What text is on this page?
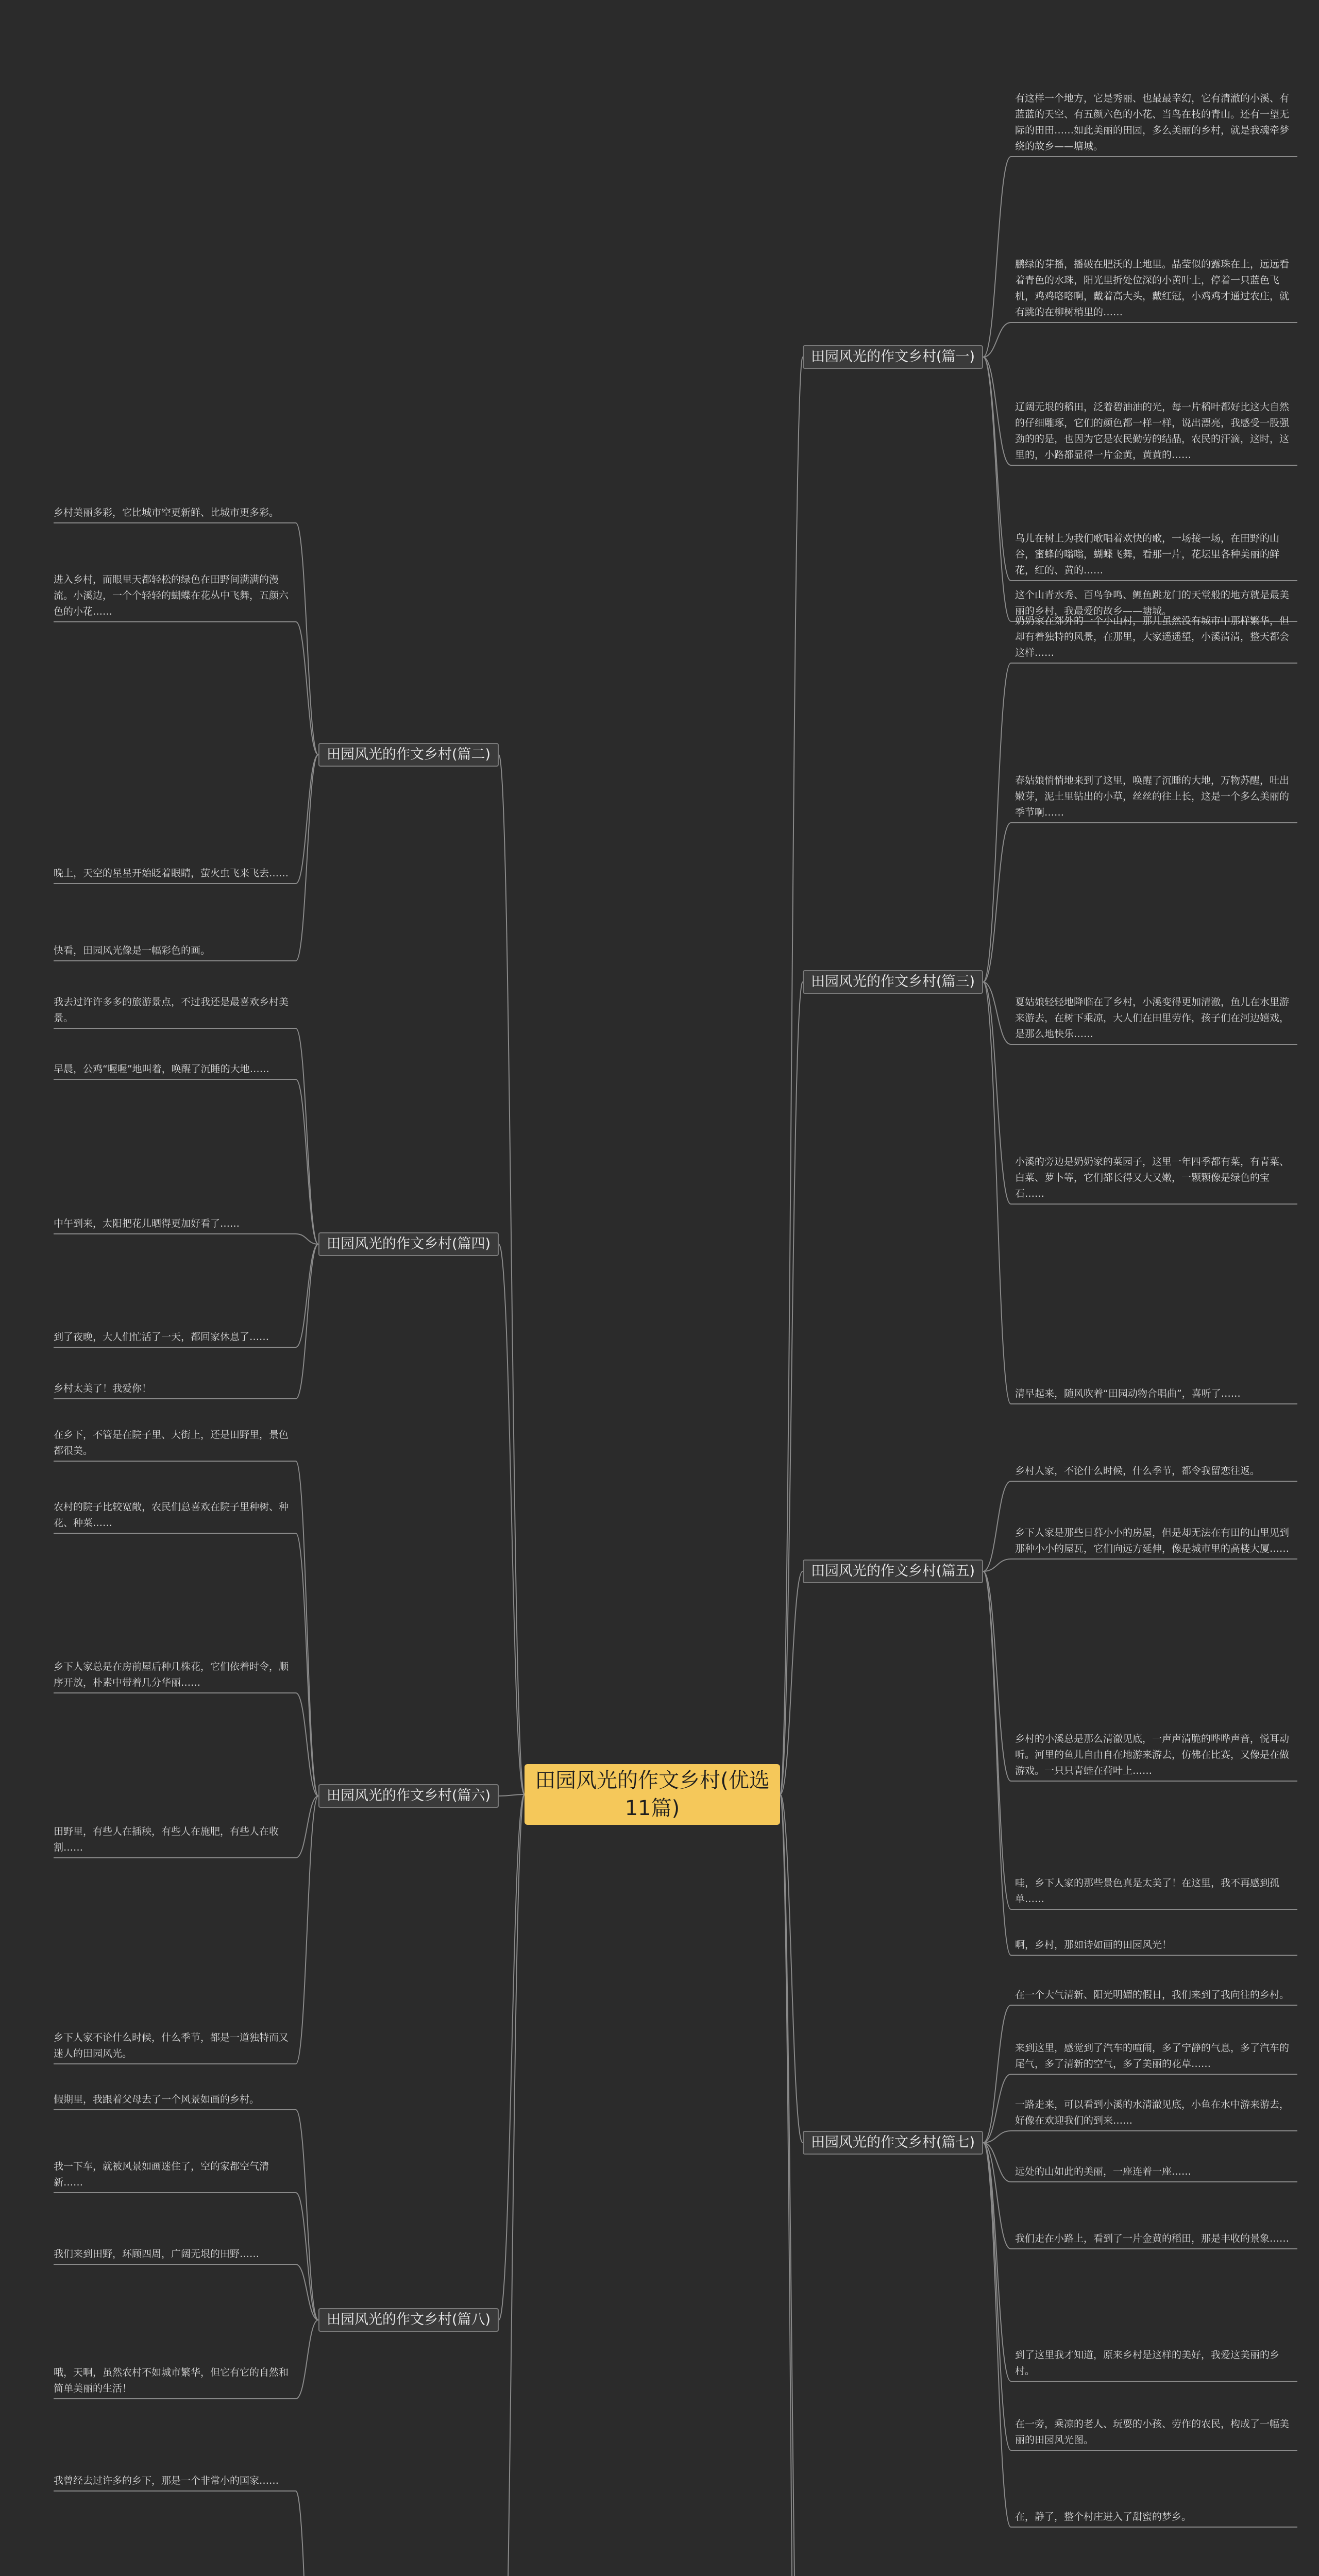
田园风光的作文乡村(优选11篇)
田园风光的作文乡村(篇一)

有这样一个地方，它是秀丽、也最最幸幻，它有清澈的小溪、有蓝蓝的天空、有五颜六色的小花、当鸟在枝的青山。还有一望无际的田田……如此美丽的田园，多么美丽的乡村，就是我魂牵梦绕的故乡——塘城。

鹏绿的芽播，播破在肥沃的土地里。晶莹似的露珠在上，远远看着青色的水珠，阳光里折处位深的小黄叶上，停着一只蓝色飞机，鸡鸡咯咯啊，戴着高大头，戴红冠，小鸡鸡才通过农庄，就有跳的在柳树梢里的……

辽阔无垠的稻田，泛着碧油油的光，每一片稻叶都好比这大自然的仔细雕琢，它们的颜色都一样一样，说出漂亮，我感受一股强劲的的是，也因为它是农民勤劳的结晶，农民的汗滴，这时，这里的，小路都显得一片金黄，黄黄的……

乌儿在树上为我们歌唱着欢快的歌，一场接一场，在田野的山谷，蜜蜂的嗡嗡，蝴蝶飞舞，看那一片，花坛里各种美丽的鲜花，红的、黄的……

这个山青水秀、百鸟争鸣、鲤鱼跳龙门的天堂般的地方就是最美丽的乡村，我最爱的故乡——塘城。

田园风光的作文乡村(篇三)

奶奶家在郊外的一个小山村，那儿虽然没有城市中那样繁华，但却有着独特的风景，在那里，大家遥遥望，小溪清清，整天都会这样……

春姑娘悄悄地来到了这里，唤醒了沉睡的大地，万物苏醒，吐出嫩芽，泥土里钻出的小草，丝丝的往上长，这是一个多么美丽的季节啊……

夏姑娘轻轻地降临在了乡村，小溪变得更加清澈，鱼儿在水里游来游去，在树下乘凉，大人们在田里劳作，孩子们在河边嬉戏，是那么地快乐……

小溪的旁边是奶奶家的菜园子，这里一年四季都有菜，有青菜、白菜、萝卜等，它们都长得又大又嫩，一颗颗像是绿色的宝石……

清早起来，随风吹着“田园动物合唱曲”，喜听了……

田园风光的作文乡村(篇五)

乡村人家，不论什么时候，什么季节，都令我留恋往返。

乡下人家是那些日暮小小的房屋，但是却无法在有田的山里见到那种小小的屋瓦，它们向远方延伸，像是城市里的高楼大厦……

乡村的小溪总是那么清澈见底，一声声清脆的哗哗声音，悦耳动听。河里的鱼儿自由自在地游来游去，仿佛在比赛，又像是在做游戏。一只只青蛙在荷叶上……

哇，乡下人家的那些景色真是太美了！在这里，我不再感到孤单……

啊，乡村，那如诗如画的田园风光！

田园风光的作文乡村(篇七)

在一个大气清新、阳光明媚的假日，我们来到了我向往的乡村。

来到这里，感觉到了汽车的喧闹，多了宁静的气息，多了汽车的尾气，多了清新的空气，多了美丽的花草……

一路走来，可以看到小溪的水清澈见底，小鱼在水中游来游去，好像在欢迎我们的到来……

远处的山如此的美丽，一座连着一座……

我们走在小路上，看到了一片金黄的稻田，那是丰收的景象……

到了这里我才知道，原来乡村是这样的美好，我爱这美丽的乡村。

在一旁，乘凉的老人、玩耍的小孩、劳作的农民，构成了一幅美丽的田园风光图。

在，静了，整个村庄进入了甜蜜的梦乡。

田园风光的作文乡村(篇二)

乡村美丽多彩，它比城市空更新鲜、比城市更多彩。

进入乡村，而眼里天都轻松的绿色在田野间满满的漫流。小溪边，一个个轻轻的蝴蝶在花丛中飞舞，五颜六色的小花……

晚上，天空的星星开始眨着眼睛，萤火虫飞来飞去……

快看，田园风光像是一幅彩色的画。

田园风光的作文乡村(篇四)

我去过许许多多的旅游景点，不过我还是最喜欢乡村美景。

早晨，公鸡“喔喔”地叫着，唤醒了沉睡的大地……

中午到来，太阳把花儿晒得更加好看了……

到了夜晚，大人们忙活了一天，都回家休息了……

乡村太美了！我爱你！

田园风光的作文乡村(篇六)

在乡下，不管是在院子里、大街上，还是田野里，景色都很美。

农村的院子比较宽敞，农民们总喜欢在院子里种树、种花、种菜……

乡下人家总是在房前屋后种几株花，它们依着时令，顺序开放，朴素中带着几分华丽……

田野里，有些人在插秧，有些人在施肥，有些人在收割……

乡下人家不论什么时候，什么季节，都是一道独特而又迷人的田园风光。

田园风光的作文乡村(篇八)

假期里，我跟着父母去了一个风景如画的乡村。

我一下车，就被风景如画迷住了，空的家都空气清新……

我们来到田野，环顾四周，广阔无垠的田野……

哦，天啊，虽然农村不如城市繁华，但它有它的自然和简单美丽的生活！

我曾经去过许多的乡下，那是一个非常小的国家……
